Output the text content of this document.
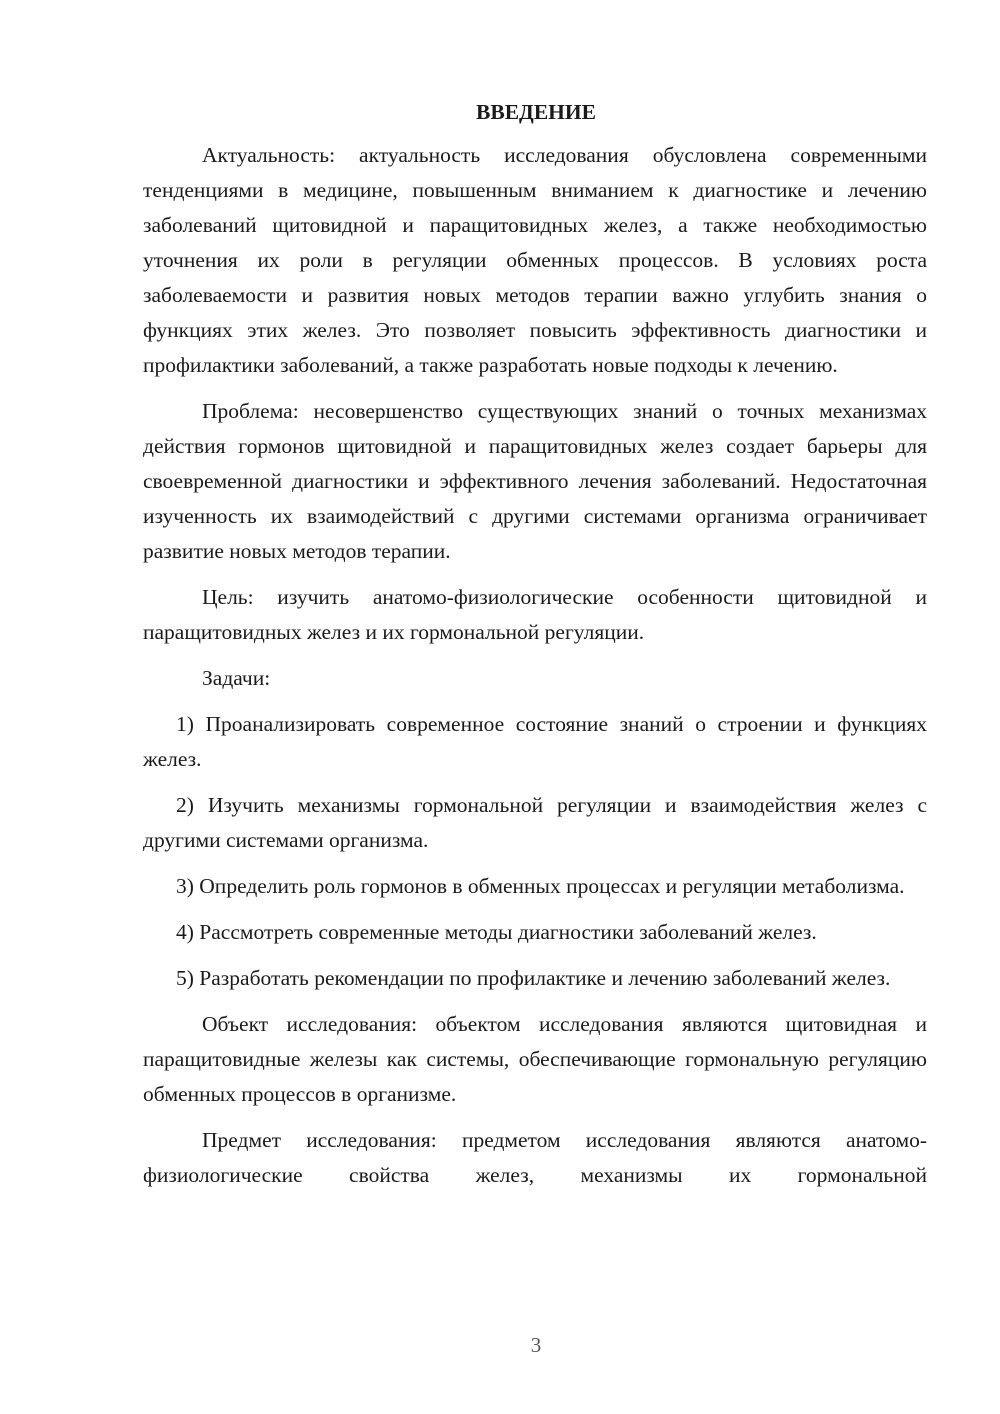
ВВЕДЕНИЕ

Актуальность: актуальность исследования обусловлена современными тенденциями в медицине, повышенным вниманием к диагностике и лечению заболеваний щитовидной и паращитовидных желез, а также необходимостью уточнения их роли в регуляции обменных процессов. В условиях роста заболеваемости и развития новых методов терапии важно углубить знания о функциях этих желез. Это позволяет повысить эффективность диагностики и профилактики заболеваний, а также разработать новые подходы к лечению.

Проблема: несовершенство существующих знаний о точных механизмах действия гормонов щитовидной и паращитовидных желез создает барьеры для своевременной диагностики и эффективного лечения заболеваний. Недостаточная изученность их взаимодействий с другими системами организма ограничивает развитие новых методов терапии.

Цель: изучить анатомо-физиологические особенности щитовидной и паращитовидных желез и их гормональной регуляции.

Задачи:

1) Проанализировать современное состояние знаний о строении и функциях желез.

2) Изучить механизмы гормональной регуляции и взаимодействия желез с другими системами организма.

3) Определить роль гормонов в обменных процессах и регуляции метаболизма.

4) Рассмотреть современные методы диагностики заболеваний желез.

5) Разработать рекомендации по профилактике и лечению заболеваний желез.

Объект исследования: объектом исследования являются щитовидная и паращитовидные железы как системы, обеспечивающие гормональную регуляцию обменных процессов в организме.

Предмет исследования: предметом исследования являются анатомо-физиологические свойства желез, механизмы их гормональной

3
